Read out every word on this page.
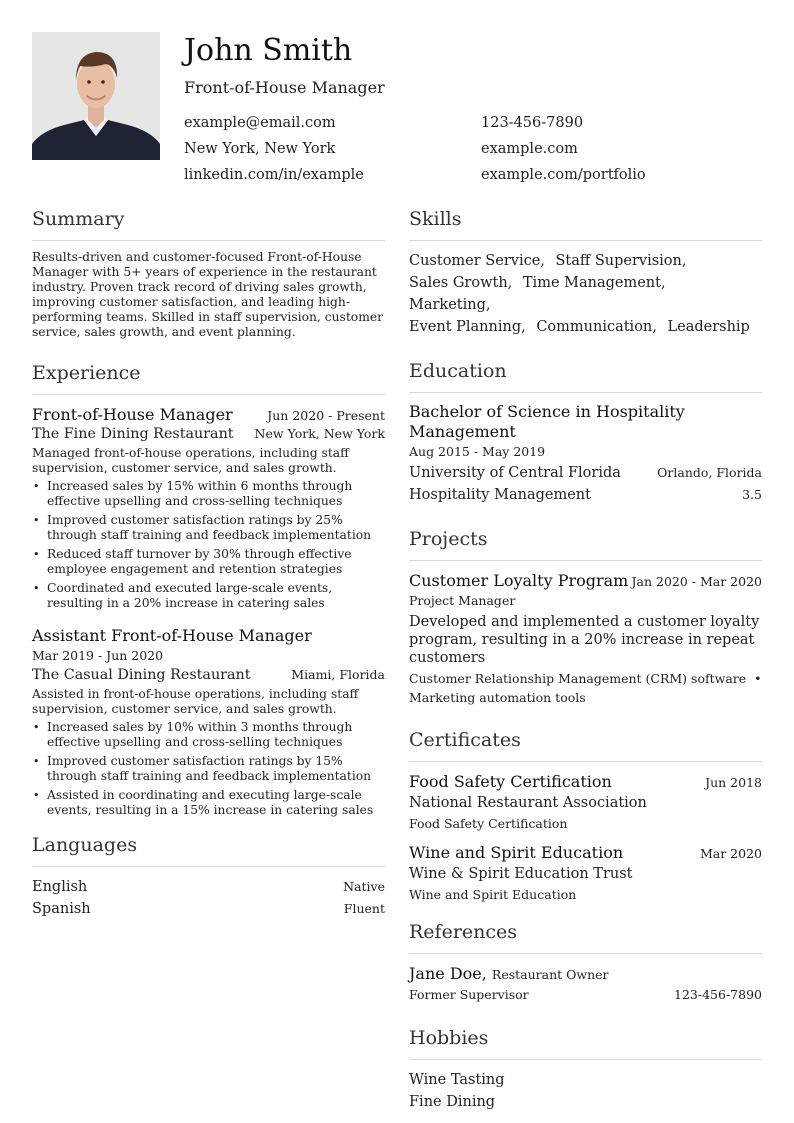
John Smith
Front-of-House Manager
example@email.com	123-456-7890
New York, New York	example.com
linkedin.com/in/example	example.com/portfolio
Summary
Results-driven and customer-focused Front-of-House Manager with 5+ years of experience in the restaurant industry. Proven track record of driving sales growth, improving customer satisfaction, and leading high-performing teams. Skilled in staff supervision, customer service, sales growth, and event planning.
Experience
Front-of-House Manager	Jun 2020 - Present
The Fine Dining Restaurant New York, New York
Managed front-of-house operations, including staff supervision, customer service, and sales growth.
• Increased sales by 15% within 6 months through effective upselling and cross-selling techniques
• Improved customer satisfaction ratings by 25% through staff training and feedback implementation
• Reduced staff turnover by 30% through effective employee engagement and retention strategies
• Coordinated and executed large-scale events, resulting in a 20% increase in catering sales
Assistant Front-of-House Manager
Mar 2019 - Jun 2020
The Casual Dining Restaurant	Miami, Florida
Assisted in front-of-house operations, including staff supervision, customer service, and sales growth.
• Increased sales by 10% within 3 months through effective upselling and cross-selling techniques
• Improved customer satisfaction ratings by 15% through staff training and feedback implementation
• Assisted in coordinating and executing large-scale events, resulting in a 15% increase in catering sales
Languages
English	Native
Spanish	Fluent
Skills
Customer Service, Staff Supervision,
Sales Growth, Time Management, Marketing,
Event Planning, Communication, Leadership
Education
Bachelor of Science in Hospitality Management
Aug 2015 - May 2019
University of Central Florida	Orlando, Florida
Hospitality Management	3.5
Projects
Customer Loyalty Program Jan 2020 - Mar 2020
Project Manager
Developed and implemented a customer loyalty program, resulting in a 20% increase in repeat customers
Customer Relationship Management (CRM) software •
Marketing automation tools
Certificates
Food Safety Certification	Jun 2018
National Restaurant Association
Food Safety Certification
Wine and Spirit Education	Mar 2020
Wine & Spirit Education Trust
Wine and Spirit Education
References
Jane Doe, Restaurant Owner
Former Supervisor	123-456-7890
Hobbies
Wine Tasting
Fine Dining
